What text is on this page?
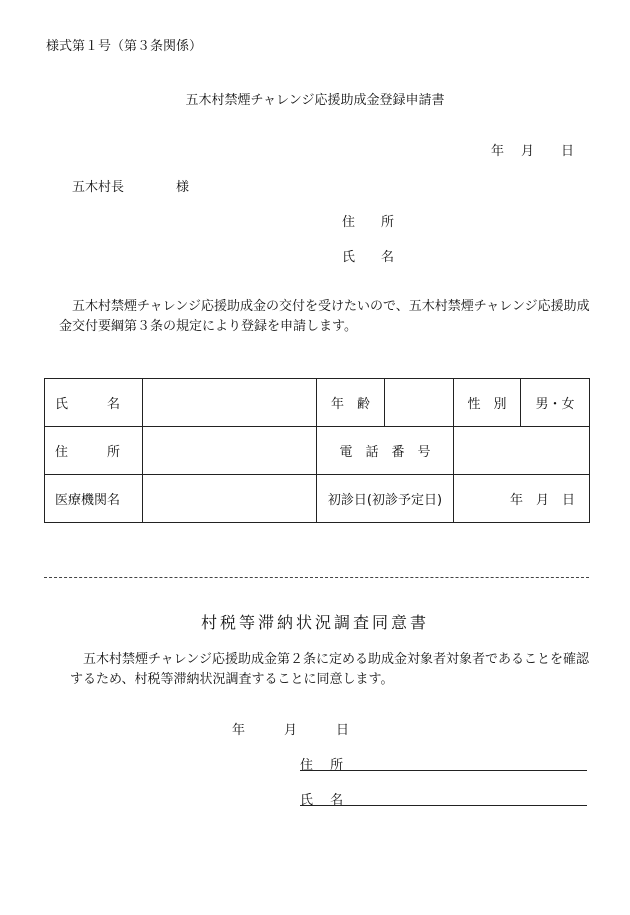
様式第１号（第３条関係）
五木村禁煙チャレンジ応援助成金登録申請書
年 月 日
五木村長	様
住　　所
氏　　名
五木村禁煙チャレンジ応援助成金の交付を受けたいので、五木村禁煙チャレンジ応援助成金交付要綱第３条の規定により登録を申請します。
氏　　　名		年　齢		性　別	男・女
住　　　所		電　話　番　号			
医療機関名		初診日(初診予定日)		年　月　日	
村税等滞納状況調査同意書
五木村禁煙チャレンジ応援助成金第２条に定める助成金対象者対象者であることを確認するため、村税等滞納状況調査することに同意します。
年　　　月　　　日
住　 所
氏　 名
